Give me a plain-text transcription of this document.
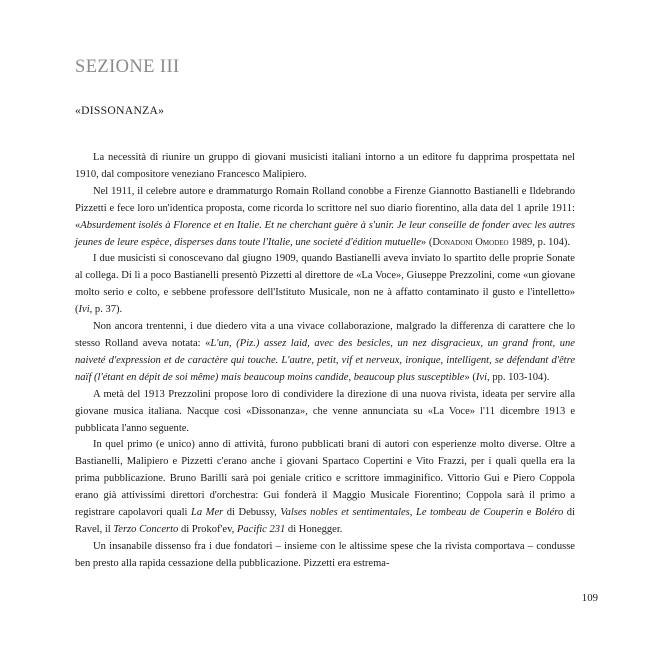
SEZIONE III
«DISSONANZA»

La necessità di riunire un gruppo di giovani musicisti italiani intorno a un editore fu dapprima prospettata nel 1910, dal compositore veneziano Francesco Malipiero.

Nel 1911, il celebre autore e drammaturgo Romain Rolland conobbe a Firenze Giannotto Bastianelli e Ildebrando Pizzetti e fece loro un'identica proposta, come ricorda lo scrittore nel suo diario fiorentino, alla data del 1 aprile 1911: «Absurdement isolés à Florence et en Italie. Et ne cherchant guère à s'unir. Je leur conseille de fonder avec les autres jeunes de leure espèce, disperses dans toute l'Italie, une societé d'édition mutuelle» (Donadoni Omodeo 1989, p. 104).

I due musicisti si conoscevano dal giugno 1909, quando Bastianelli aveva inviato lo spartito delle proprie Sonate al collega. Di lì a poco Bastianelli presentò Pizzetti al direttore de «La Voce», Giuseppe Prezzolini, come «un giovane molto serio e colto, e sebbene professore dell'Istituto Musicale, non ne à affatto contaminato il gusto e l'intelletto» (Ivi, p. 37).

Non ancora trentenni, i due diedero vita a una vivace collaborazione, malgrado la differenza di carattere che lo stesso Rolland aveva notata: «L'un, (Piz.) assez laid, avec des besicles, un nez disgracieux, un grand front, une naiveté d'expression et de caractère qui touche. L'autre, petit, vif et nerveux, ironique, intelligent, se défendant d'être naïf (l'étant en dépit de soi même) mais beaucoup moins candide, beaucoup plus susceptible» (Ivi, pp. 103-104).

A metà del 1913 Prezzolini propose loro di condividere la direzione di una nuova rivista, ideata per servire alla giovane musica italiana. Nacque così «Dissonanza», che venne annunciata su «La Voce» l'11 dicembre 1913 e pubblicata l'anno seguente.

In quel primo (e unico) anno di attività, furono pubblicati brani di autori con esperienze molto diverse. Oltre a Bastianelli, Malipiero e Pizzetti c'erano anche i giovani Spartaco Copertini e Vito Frazzi, per i quali quella era la prima pubblicazione. Bruno Barilli sarà poi geniale critico e scrittore immaginifico. Vittorio Gui e Piero Coppola erano già attivissimi direttori d'orchestra: Gui fonderà il Maggio Musicale Fiorentino; Coppola sarà il primo a registrare capolavori quali La Mer di Debussy, Valses nobles et sentimentales, Le tombeau de Couperin e Boléro di Ravel, il Terzo Concerto di Prokof'ev, Pacific 231 di Honegger.

Un insanabile dissenso fra i due fondatori – insieme con le altissime spese che la rivista comportava – condusse ben presto alla rapida cessazione della pubblicazione. Pizzetti era estrema-

109
